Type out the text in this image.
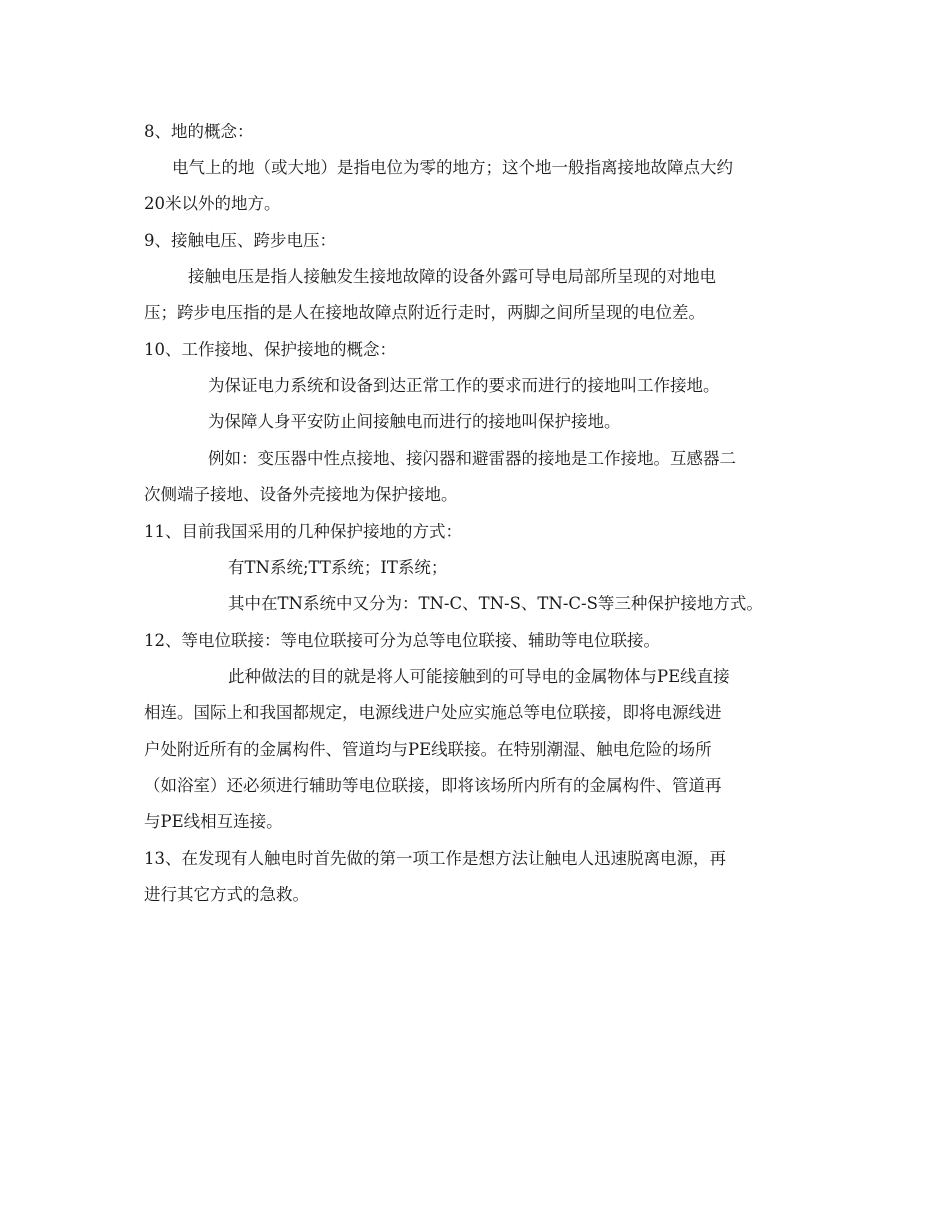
8、地的概念：
电气上的地（或大地）是指电位为零的地方；这个地一般指离接地故障点大约
20米以外的地方。
9、接触电压、跨步电压：
接触电压是指人接触发生接地故障的设备外露可导电局部所呈现的对地电
压；跨步电压指的是人在接地故障点附近行走时，两脚之间所呈现的电位差。
10、工作接地、保护接地的概念：
为保证电力系统和设备到达正常工作的要求而进行的接地叫工作接地。
为保障人身平安防止间接触电而进行的接地叫保护接地。
例如：变压器中性点接地、接闪器和避雷器的接地是工作接地。互感器二
次侧端子接地、设备外壳接地为保护接地。
11、目前我国采用的几种保护接地的方式：
有TN系统;TT系统；IT系统；
其中在TN系统中又分为：TN-C、TN-S、TN-C-S等三种保护接地方式。
12、等电位联接：等电位联接可分为总等电位联接、辅助等电位联接。
此种做法的目的就是将人可能接触到的可导电的金属物体与PE线直接
相连。国际上和我国都规定，电源线进户处应实施总等电位联接，即将电源线进
户处附近所有的金属构件、管道均与PE线联接。在特别潮湿、触电危险的场所
（如浴室）还必须进行辅助等电位联接，即将该场所内所有的金属构件、管道再
与PE线相互连接。
13、在发现有人触电时首先做的第一项工作是想方法让触电人迅速脱离电源，再
进行其它方式的急救。
